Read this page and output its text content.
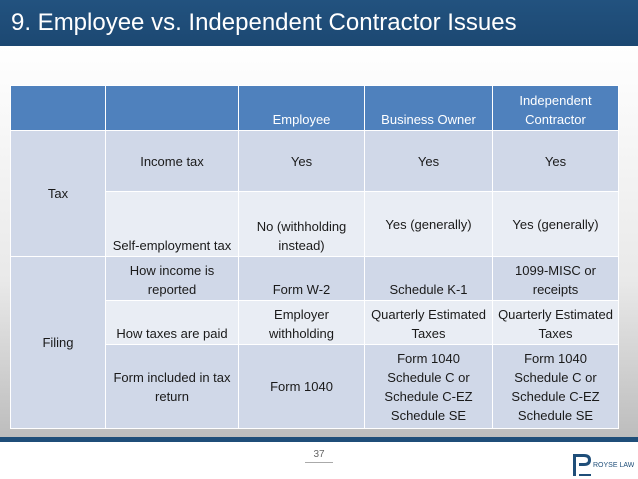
9. Employee vs. Independent Contractor Issues
		Employee	Business Owner	Independent Contractor
Tax	Income tax	Yes	Yes	Yes
	Self-employment tax	No (withholding instead)	Yes (generally)	Yes (generally)
Filing	How income is reported	Form W-2	Schedule K-1	1099-MISC or receipts
	How taxes are paid	Employer withholding	Quarterly Estimated Taxes	Quarterly Estimated Taxes
	Form included in tax return	Form 1040	Form 1040 Schedule C or Schedule C-EZ Schedule SE	Form 1040 Schedule C or Schedule C-EZ Schedule SE
37
ROYSE LAW
